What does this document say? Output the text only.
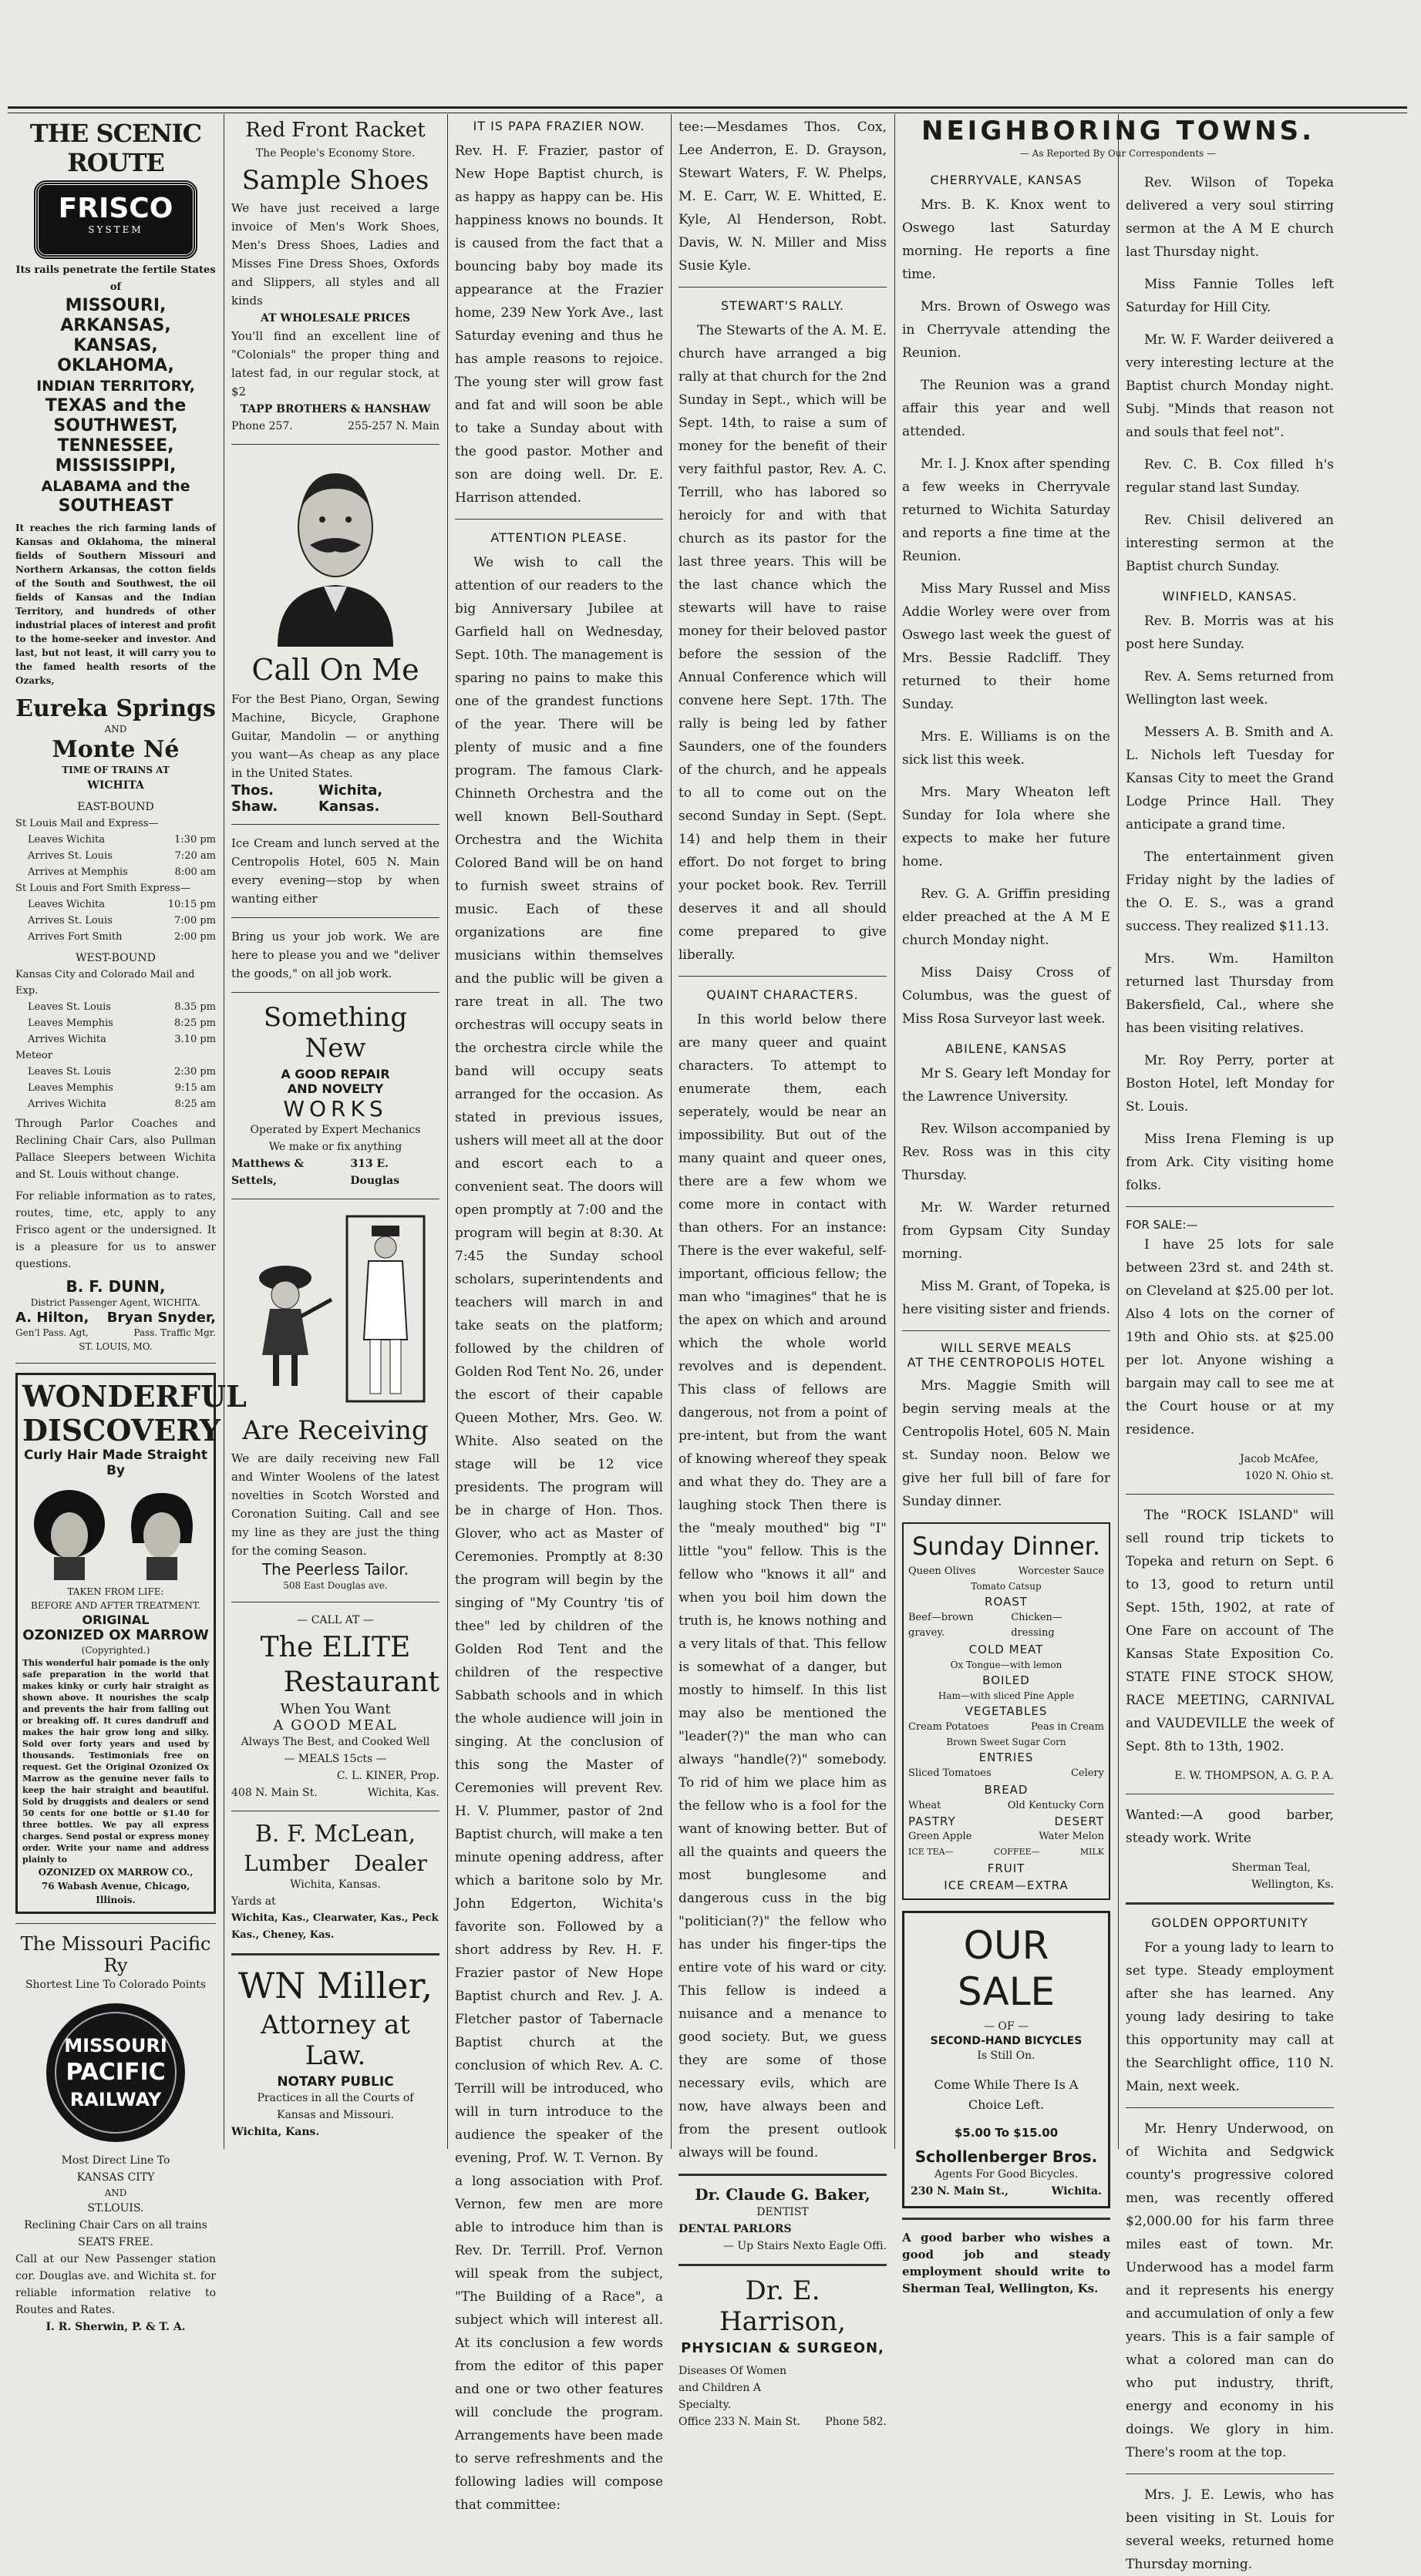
THE SCENIC ROUTE
FRISCO
SYSTEM
Its rails penetrate the fertile States of
MISSOURI,
ARKANSAS,
KANSAS,
OKLAHOMA,
INDIAN TERRITORY,
TEXAS and the
SOUTHWEST,
TENNESSEE,
MISSISSIPPI,
ALABAMA and the
SOUTHEAST
It reaches the rich farming lands of Kansas and Oklahoma, the mineral fields of Southern Missouri and Northern Arkansas, the cotton fields of the South and Southwest, the oil fields of Kansas and the Indian Territory, and hundreds of other industrial places of interest and profit to the home-seeker and investor. And last, but not least, it will carry you to the famed health resorts of the Ozarks,
Eureka Springs
AND
Monte Né
TIME OF TRAINS AT
WICHITA
EAST-BOUND
St Louis Mail and Express—
Leaves Wichita	1:30 pm
Arrives St. Louis	7:20 am
Arrives at Memphis	8:00 am
St Louis and Fort Smith Express—
Leaves Wichita	10:15 pm
Arrives St. Louis	7:00 pm
Arrives Fort Smith	2:00 pm
WEST-BOUND
Kansas City and Colorado Mail and Exp.
Leaves St. Louis	8.35 pm
Leaves Memphis	8:25 pm
Arrives Wichita	3.10 pm
Meteor
Leaves St. Louis	2:30 pm
Leaves Memphis	9:15 am
Arrives Wichita	8:25 am
Through Parlor Coaches and Reclining Chair Cars, also Pullman Pallace Sleepers between Wichita and St. Louis without change.
For reliable information as to rates, routes, time, etc, apply to any Frisco agent or the undersigned. It is a pleasure for us to answer questions.
B. F. DUNN,
District Passenger Agent, WICHITA.
A. Hilton, Bryan Snyder,
Gen'l Pass. Agt,	Pass. Traffic Mgr.
ST. LOUIS, MO.
WONDERFUL
DISCOVERY
Curly Hair Made Straight By
TAKEN FROM LIFE:
BEFORE AND AFTER TREATMENT.
ORIGINAL
OZONIZED OX MARROW
(Copyrighted.)
This wonderful hair pomade is the only safe preparation in the world that makes kinky or curly hair straight as shown above. It nourishes the scalp and prevents the hair from falling out or breaking off. It cures dandruff and makes the hair grow long and silky. Sold over forty years and used by thousands. Testimonials free on request. Get the Original Ozonized Ox Marrow as the genuine never fails to keep the hair straight and beautiful. Sold by druggists and dealers or send 50 cents for one bottle or $1.40 for three bottles. We pay all express charges. Send postal or express money order. Write your name and address plainly to
OZONIZED OX MARROW CO.,
76 Wabash Avenue, Chicago, Illinois.
The Missouri Pacific Ry
Shortest Line To Colorado Points
MISSOURI
PACIFIC
RAILWAY
Most Direct Line To
KANSAS CITY
AND
ST.LOUIS.
Reclining Chair Cars on all trains
SEATS FREE.
Call at our New Passenger station cor. Douglas ave. and Wichita st. for reliable information relative to Routes and Rates.
I. R. Sherwin, P. & T. A.
Red Front Racket
The People's Economy Store.
Sample Shoes
We have just received a large invoice of Men's Work Shoes, Men's Dress Shoes, Ladies and Misses Fine Dress Shoes, Oxfords and Slippers, all styles and all kinds
AT WHOLESALE PRICES
You'll find an excellent line of "Colonials" the proper thing and latest fad, in our regular stock, at $2
TAPP BROTHERS & HANSHAW
Phone 257.	255-257 N. Main
Call On Me
For the Best Piano, Organ, Sewing Machine, Bicycle, Graphone Guitar, Mandolin — or anything you want—As cheap as any place in the United States.
Thos. Shaw.
Wichita, Kansas.
Ice Cream and lunch served at the Centropolis Hotel, 605 N. Main every evening—stop by when wanting either
Bring us your job work. We are here to please you and we "deliver the goods," on all job work.
Something New
A GOOD REPAIR
AND NOVELTY
WORKS
Operated by Expert Mechanics
We make or fix anything
Matthews & Settels,
313 E. Douglas
Are Receiving
We are daily receiving new Fall and Winter Woolens of the latest novelties in Scotch Worsted and Coronation Suiting. Call and see my line as they are just the thing for the coming Season.
The Peerless Tailor.
508 East Douglas ave.
— CALL AT —
The ELITE
Restaurant
When You Want
A GOOD MEAL
Always The Best, and Cooked Well
— MEALS 15cts —
C. L. KINER, Prop.
408 N. Main St.	Wichita, Kas.
B. F. McLean,
Lumber Dealer
Wichita, Kansas.
Yards at
Wichita, Kas., Clearwater, Kas., Peck Kas., Cheney, Kas.
WN Miller,
Attorney at Law.
NOTARY PUBLIC
Practices in all the Courts of
Kansas and Missouri.
Wichita, Kans.
IT IS PAPA FRAZIER NOW.

Rev. H. F. Frazier, pastor of New Hope Baptist church, is as happy as happy can be. His happiness knows no bounds. It is caused from the fact that a bouncing baby boy made its appearance at the Frazier home, 239 New York Ave., last Saturday evening and thus he has ample reasons to rejoice. The young ster will grow fast and fat and will soon be able to take a Sunday about with the good pastor. Mother and son are doing well. Dr. E. Harrison attended.

ATTENTION PLEASE.

We wish to call the attention of our readers to the big Anniversary Jubilee at Garfield hall on Wednesday, Sept. 10th. The management is sparing no pains to make this one of the grandest functions of the year. There will be plenty of music and a fine program. The famous Clark-Chinneth Orchestra and the well known Bell-Southard Orchestra and the Wichita Colored Band will be on hand to furnish sweet strains of music. Each of these organizations are fine musicians within themselves and the public will be given a rare treat in all. The two orchestras will occupy seats in the orchestra circle while the band will occupy seats arranged for the occasion. As stated in previous issues, ushers will meet all at the door and escort each to a convenient seat. The doors will open promptly at 7:00 and the program will begin at 8:30. At 7:45 the Sunday school scholars, superintendents and teachers will march in and take seats on the platform; followed by the children of Golden Rod Tent No. 26, under the escort of their capable Queen Mother, Mrs. Geo. W. White. Also seated on the stage will be 12 vice presidents. The program will be in charge of Hon. Thos. Glover, who act as Master of Ceremonies. Promptly at 8:30 the program will begin by the singing of "My Country 'tis of thee" led by children of the Golden Rod Tent and the children of the respective Sabbath schools and in which the whole audience will join in singing. At the conclusion of this song the Master of Ceremonies will prevent Rev. H. V. Plummer, pastor of 2nd Baptist church, will make a ten minute opening address, after which a baritone solo by Mr. John Edgerton, Wichita's favorite son. Followed by a short address by Rev. H. F. Frazier pastor of New Hope Baptist church and Rev. J. A. Fletcher pastor of Tabernacle Baptist church at the conclusion of which Rev. A. C. Terrill will be introduced, who will in turn introduce to the audience the speaker of the evening, Prof. W. T. Vernon. By a long association with Prof. Vernon, few men are more able to introduce him than is Rev. Dr. Terrill. Prof. Vernon will speak from the subject, "The Building of a Race", a subject which will interest all. At its conclusion a few words from the editor of this paper and one or two other features will conclude the program. Arrangements have been made to serve refreshments and the following ladies will compose that committee:

tee:—Mesdames Thos. Cox, Lee Anderron, E. D. Grayson, Stewart Waters, F. W. Phelps, M. E. Carr, W. E. Whitted, E. Kyle, Al Henderson, Robt. Davis, W. N. Miller and Miss Susie Kyle.

STEWART'S RALLY.

The Stewarts of the A. M. E. church have arranged a big rally at that church for the 2nd Sunday in Sept., which will be Sept. 14th, to raise a sum of money for the benefit of their very faithful pastor, Rev. A. C. Terrill, who has labored so heroicly for and with that church as its pastor for the last three years. This will be the last chance which the stewarts will have to raise money for their beloved pastor before the session of the Annual Conference which will convene here Sept. 17th. The rally is being led by father Saunders, one of the founders of the church, and he appeals to all to come out on the second Sunday in Sept. (Sept. 14) and help them in their effort. Do not forget to bring your pocket book. Rev. Terrill deserves it and all should come prepared to give liberally.

QUAINT CHARACTERS.

In this world below there are many queer and quaint characters. To attempt to enumerate them, each seperately, would be near an impossibility. But out of the many quaint and queer ones, there are a few whom we come more in contact with than others. For an instance: There is the ever wakeful, self-important, officious fellow; the man who "imagines" that he is the apex on which and around which the whole world revolves and is dependent. This class of fellows are dangerous, not from a point of pre-intent, but from the want of knowing whereof they speak and what they do. They are a laughing stock Then there is the "mealy mouthed" big "I" little "you" fellow. This is the fellow who "knows it all" and when you boil him down the truth is, he knows nothing and a very litals of that. This fellow is somewhat of a danger, but mostly to himself. In this list may also be mentioned the "leader(?)" the man who can always "handle(?)" somebody. To rid of him we place him as the fellow who is a fool for the want of knowing better. But of all the quaints and queers the most bunglesome and dangerous cuss in the big "politician(?)" the fellow who has under his finger-tips the entire vote of his ward or city. This fellow is indeed a nuisance and a menance to good society. But, we guess they are some of those necessary evils, which are now, have always been and from the present outlook always will be found.

Dr. Claude G. Baker,
DENTIST
DENTAL PARLORS
— Up Stairs Nexto Eagle Offi.
Dr. E. Harrison,
PHYSICIAN & SURGEON,
Diseases Of Women and Children A Specialty.
Office 233 N. Main St. Phone 582.
NEIGHBORING TOWNS.
— As Reported By Our Correspondents —
CHERRYVALE, KANSAS

Mrs. B. K. Knox went to Oswego last Saturday morning. He reports a fine time.

Mrs. Brown of Oswego was in Cherryvale attending the Reunion.

The Reunion was a grand affair this year and well attended.

Mr. I. J. Knox after spending a few weeks in Cherryvale returned to Wichita Saturday and reports a fine time at the Reunion.

Miss Mary Russel and Miss Addie Worley were over from Oswego last week the guest of Mrs. Bessie Radcliff. They returned to their home Sunday.

Mrs. E. Williams is on the sick list this week.

Mrs. Mary Wheaton left Sunday for Iola where she expects to make her future home.

Rev. G. A. Griffin presiding elder preached at the A M E church Monday night.

Miss Daisy Cross of Columbus, was the guest of Miss Rosa Surveyor last week.

ABILENE, KANSAS

Mr S. Geary left Monday for the Lawrence University.

Rev. Wilson accompanied by Rev. Ross was in this city Thursday.

Mr. W. Warder returned from Gypsam City Sunday morning.

Miss M. Grant, of Topeka, is here visiting sister and friends.

WILL SERVE MEALS
AT THE CENTROPOLIS HOTEL

Mrs. Maggie Smith will begin serving meals at the Centropolis Hotel, 605 N. Main st. Sunday noon. Below we give her full bill of fare for Sunday dinner.

Sunday Dinner.
Queen Olives	Worcester Sauce
Tomato Catsup
ROAST
Beef—brown gravey.
Chicken—dressing
COLD MEAT
Ox Tongue—with lemon
BOILED
Ham—with sliced Pine Apple
VEGETABLES
Cream Potatoes	Peas in Cream
Brown Sweet Sugar Corn
ENTRIES
Sliced Tomatoes	Celery
BREAD
Wheat	Old Kentucky Corn
PASTRY	DESERT
Green Apple	Water Melon
ICE TEA—	COFFEE—	MILK
FRUIT
ICE CREAM—EXTRA
OUR SALE
— OF —
SECOND-HAND BICYCLES
Is Still On.
Come While There Is A Choice Left.
$5.00 To $15.00
Schollenberger Bros.
Agents For Good Bicycles.
230 N. Main St.,	Wichita.

A good barber who wishes a good job and steady employment should write to Sherman Teal, Wellington, Ks.

Rev. Wilson of Topeka delivered a very soul stirring sermon at the A M E church last Thursday night.

Miss Fannie Tolles left Saturday for Hill City.

Mr. W. F. Warder deiivered a very interesting lecture at the Baptist church Monday night. Subj. "Minds that reason not and souls that feel not".

Rev. C. B. Cox filled h's regular stand last Sunday.

Rev. Chisil delivered an interesting sermon at the Baptist church Sunday.

WINFIELD, KANSAS.

Rev. B. Morris was at his post here Sunday.

Rev. A. Sems returned from Wellington last week.

Messers A. B. Smith and A. L. Nichols left Tuesday for Kansas City to meet the Grand Lodge Prince Hall. They anticipate a grand time.

The entertainment given Friday night by the ladies of the O. E. S., was a grand success. They realized $11.13.

Mrs. Wm. Hamilton returned last Thursday from Bakersfield, Cal., where she has been visiting relatives.

Mr. Roy Perry, porter at Boston Hotel, left Monday for St. Louis.

Miss Irena Fleming is up from Ark. City visiting home folks.

FOR SALE:—

I have 25 lots for sale between 23rd st. and 24th st. on Cleveland at $25.00 per lot. Also 4 lots on the corner of 19th and Ohio sts. at $25.00 per lot. Anyone wishing a bargain may call to see me at the Court house or at my residence.

Jacob McAfee,
1020 N. Ohio st.

The "ROCK ISLAND" will sell round trip tickets to Topeka and return on Sept. 6 to 13, good to return until Sept. 15th, 1902, at rate of One Fare on account of The Kansas State Exposition Co. STATE FINE STOCK SHOW, RACE MEETING, CARNIVAL and VAUDEVILLE the week of Sept. 8th to 13th, 1902.

E. W. THOMPSON, A. G. P. A.

Wanted:—A good barber, steady work. Write

Sherman Teal,
Wellington, Ks.
GOLDEN OPPORTUNITY

For a young lady to learn to set type. Steady employment after she has learned. Any young lady desiring to take this opportunity may call at the Searchlight office, 110 N. Main, next week.

Mr. Henry Underwood, on of Wichita and Sedgwick county's progressive colored men, was recently offered $2,000.00 for his farm three miles east of town. Mr. Underwood has a model farm and it represents his energy and accumulation of only a few years. This is a fair sample of what a colored man can do who put industry, thrift, energy and economy in his doings. We glory in him. There's room at the top.

Mrs. J. E. Lewis, who has been visiting in St. Louis for several weeks, returned home Thursday morning.
